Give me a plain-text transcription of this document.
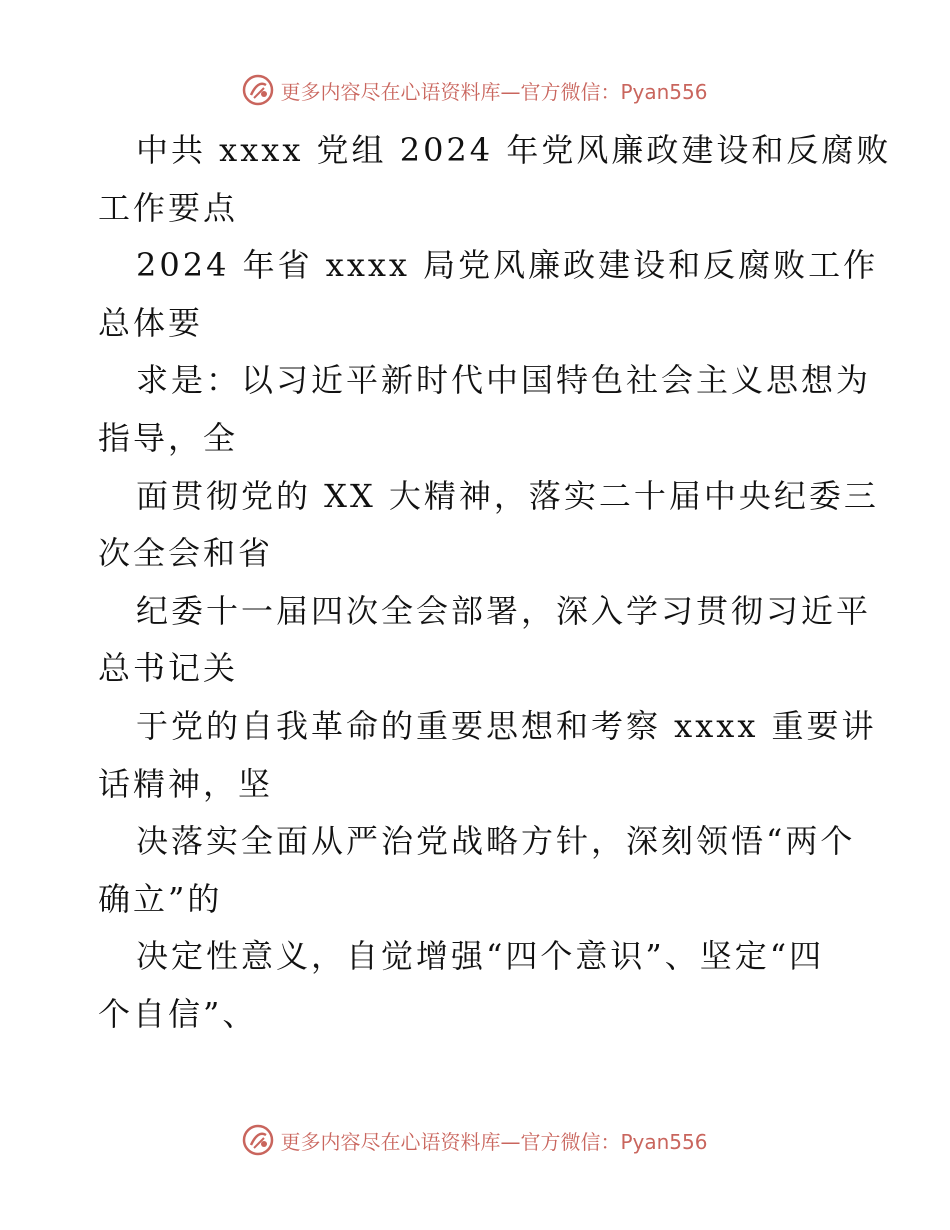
更多内容尽在心语资料库—官方微信：Pyan556

中共 xxxx 党组 2024 年党风廉政建设和反腐败
工作要点

2024 年省 xxxx 局党风廉政建设和反腐败工作
总体要

求是：以习近平新时代中国特色社会主义思想为
指导，全

面贯彻党的 XX 大精神，落实二十届中央纪委三
次全会和省

纪委十一届四次全会部署，深入学习贯彻习近平
总书记关

于党的自我革命的重要思想和考察 xxxx 重要讲
话精神，坚

决落实全面从严治党战略方针，深刻领悟“两个
确立”的

决定性意义，自觉增强“四个意识”、坚定“四
个自信”、

更多内容尽在心语资料库—官方微信：Pyan556
